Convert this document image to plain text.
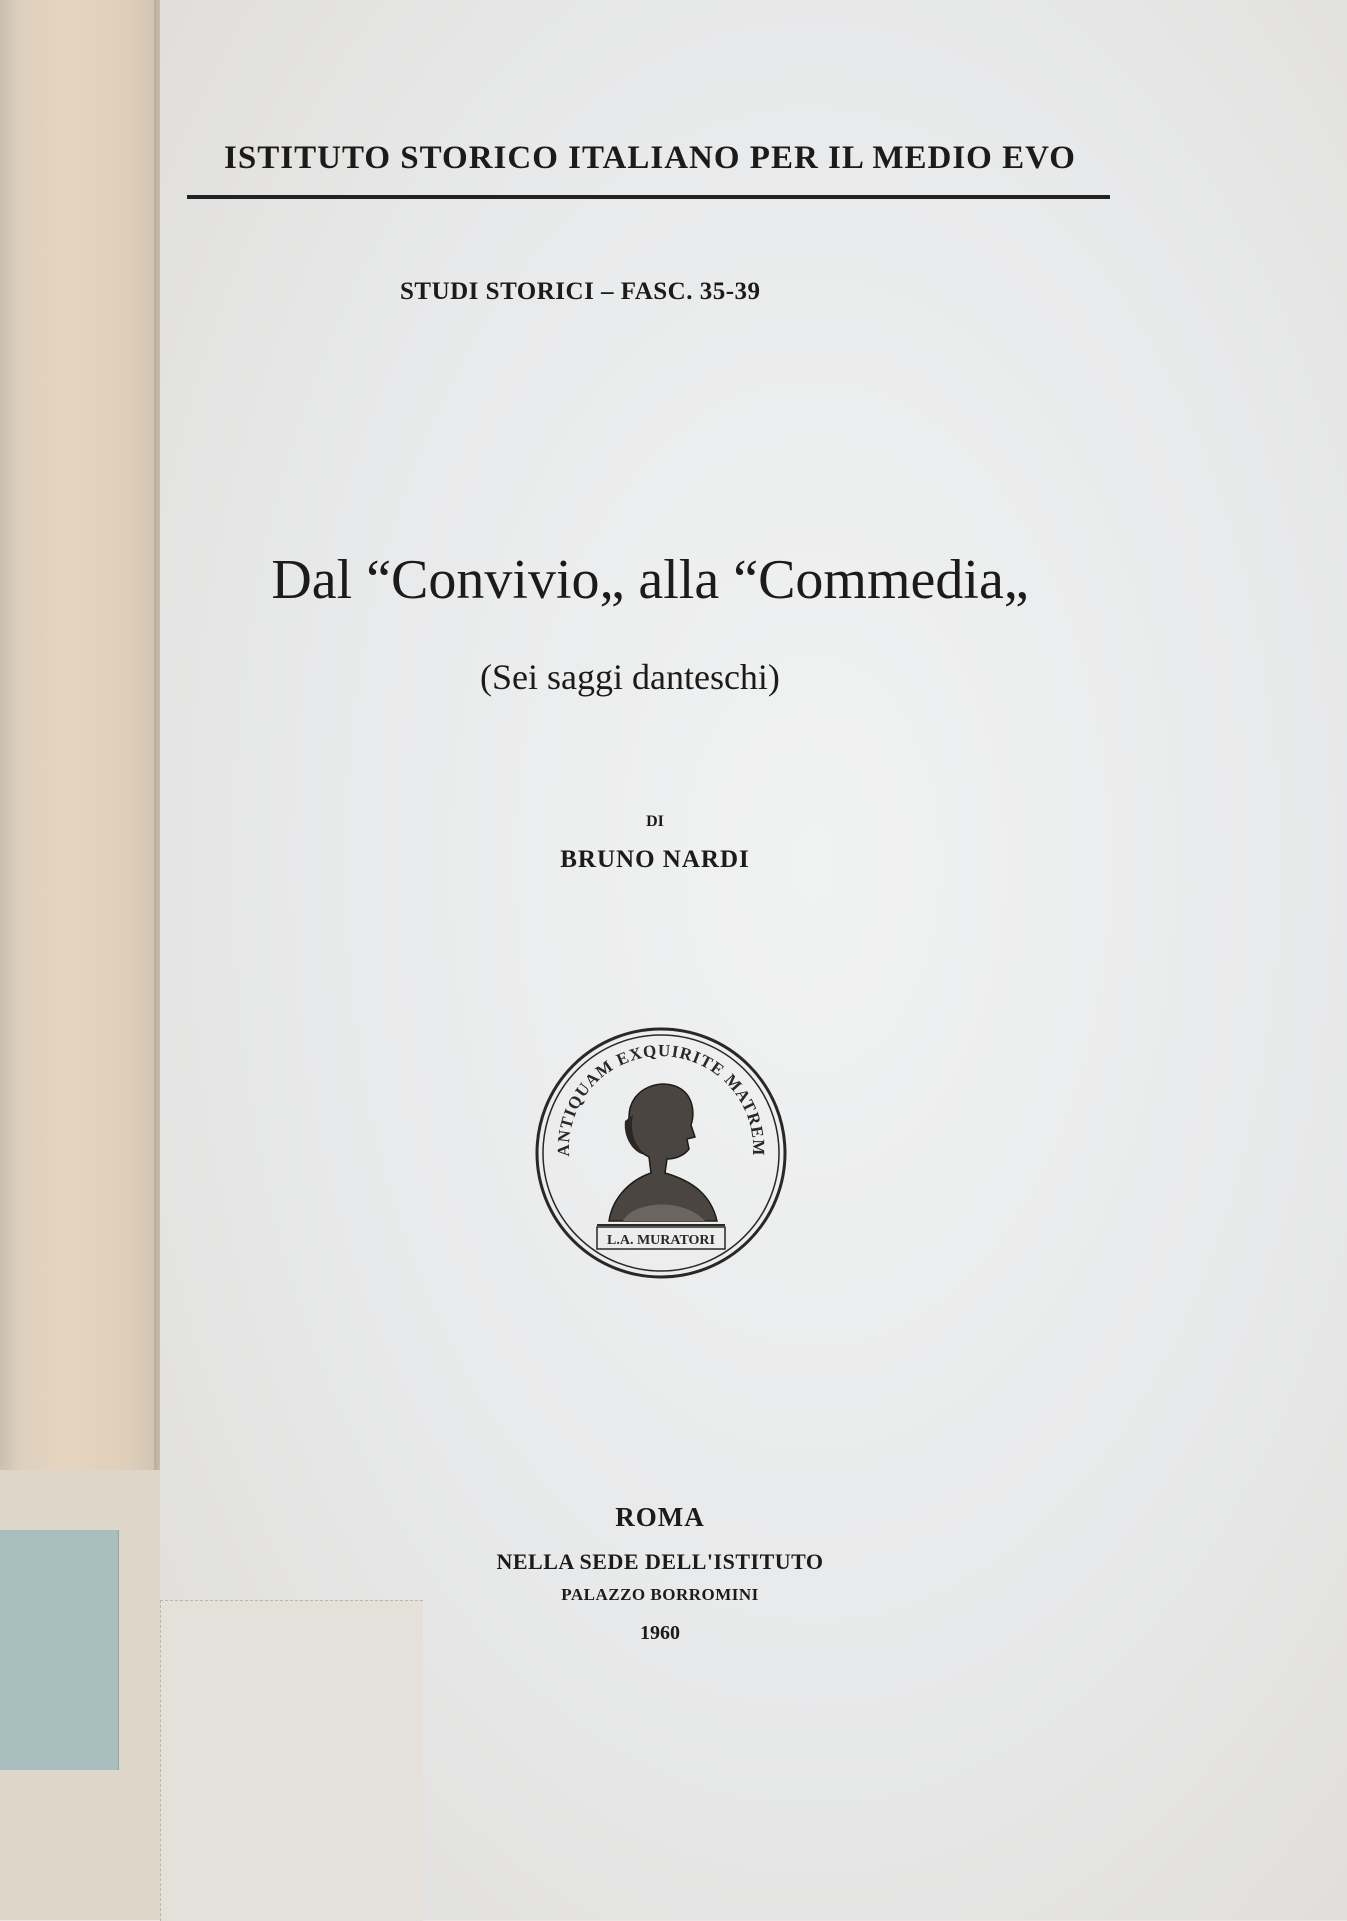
ISTITUTO STORICO ITALIANO PER IL MEDIO EVO
STUDI STORICI – FASC. 35-39
Dal “Convivio„ alla “Commedia„
(Sei saggi danteschi)
DI
BRUNO NARDI
ANTIQUAM EXQUIRITE MATREM
L.A. MURATORI
ROMA
NELLA SEDE DELL'ISTITUTO
PALAZZO BORROMINI
1960
